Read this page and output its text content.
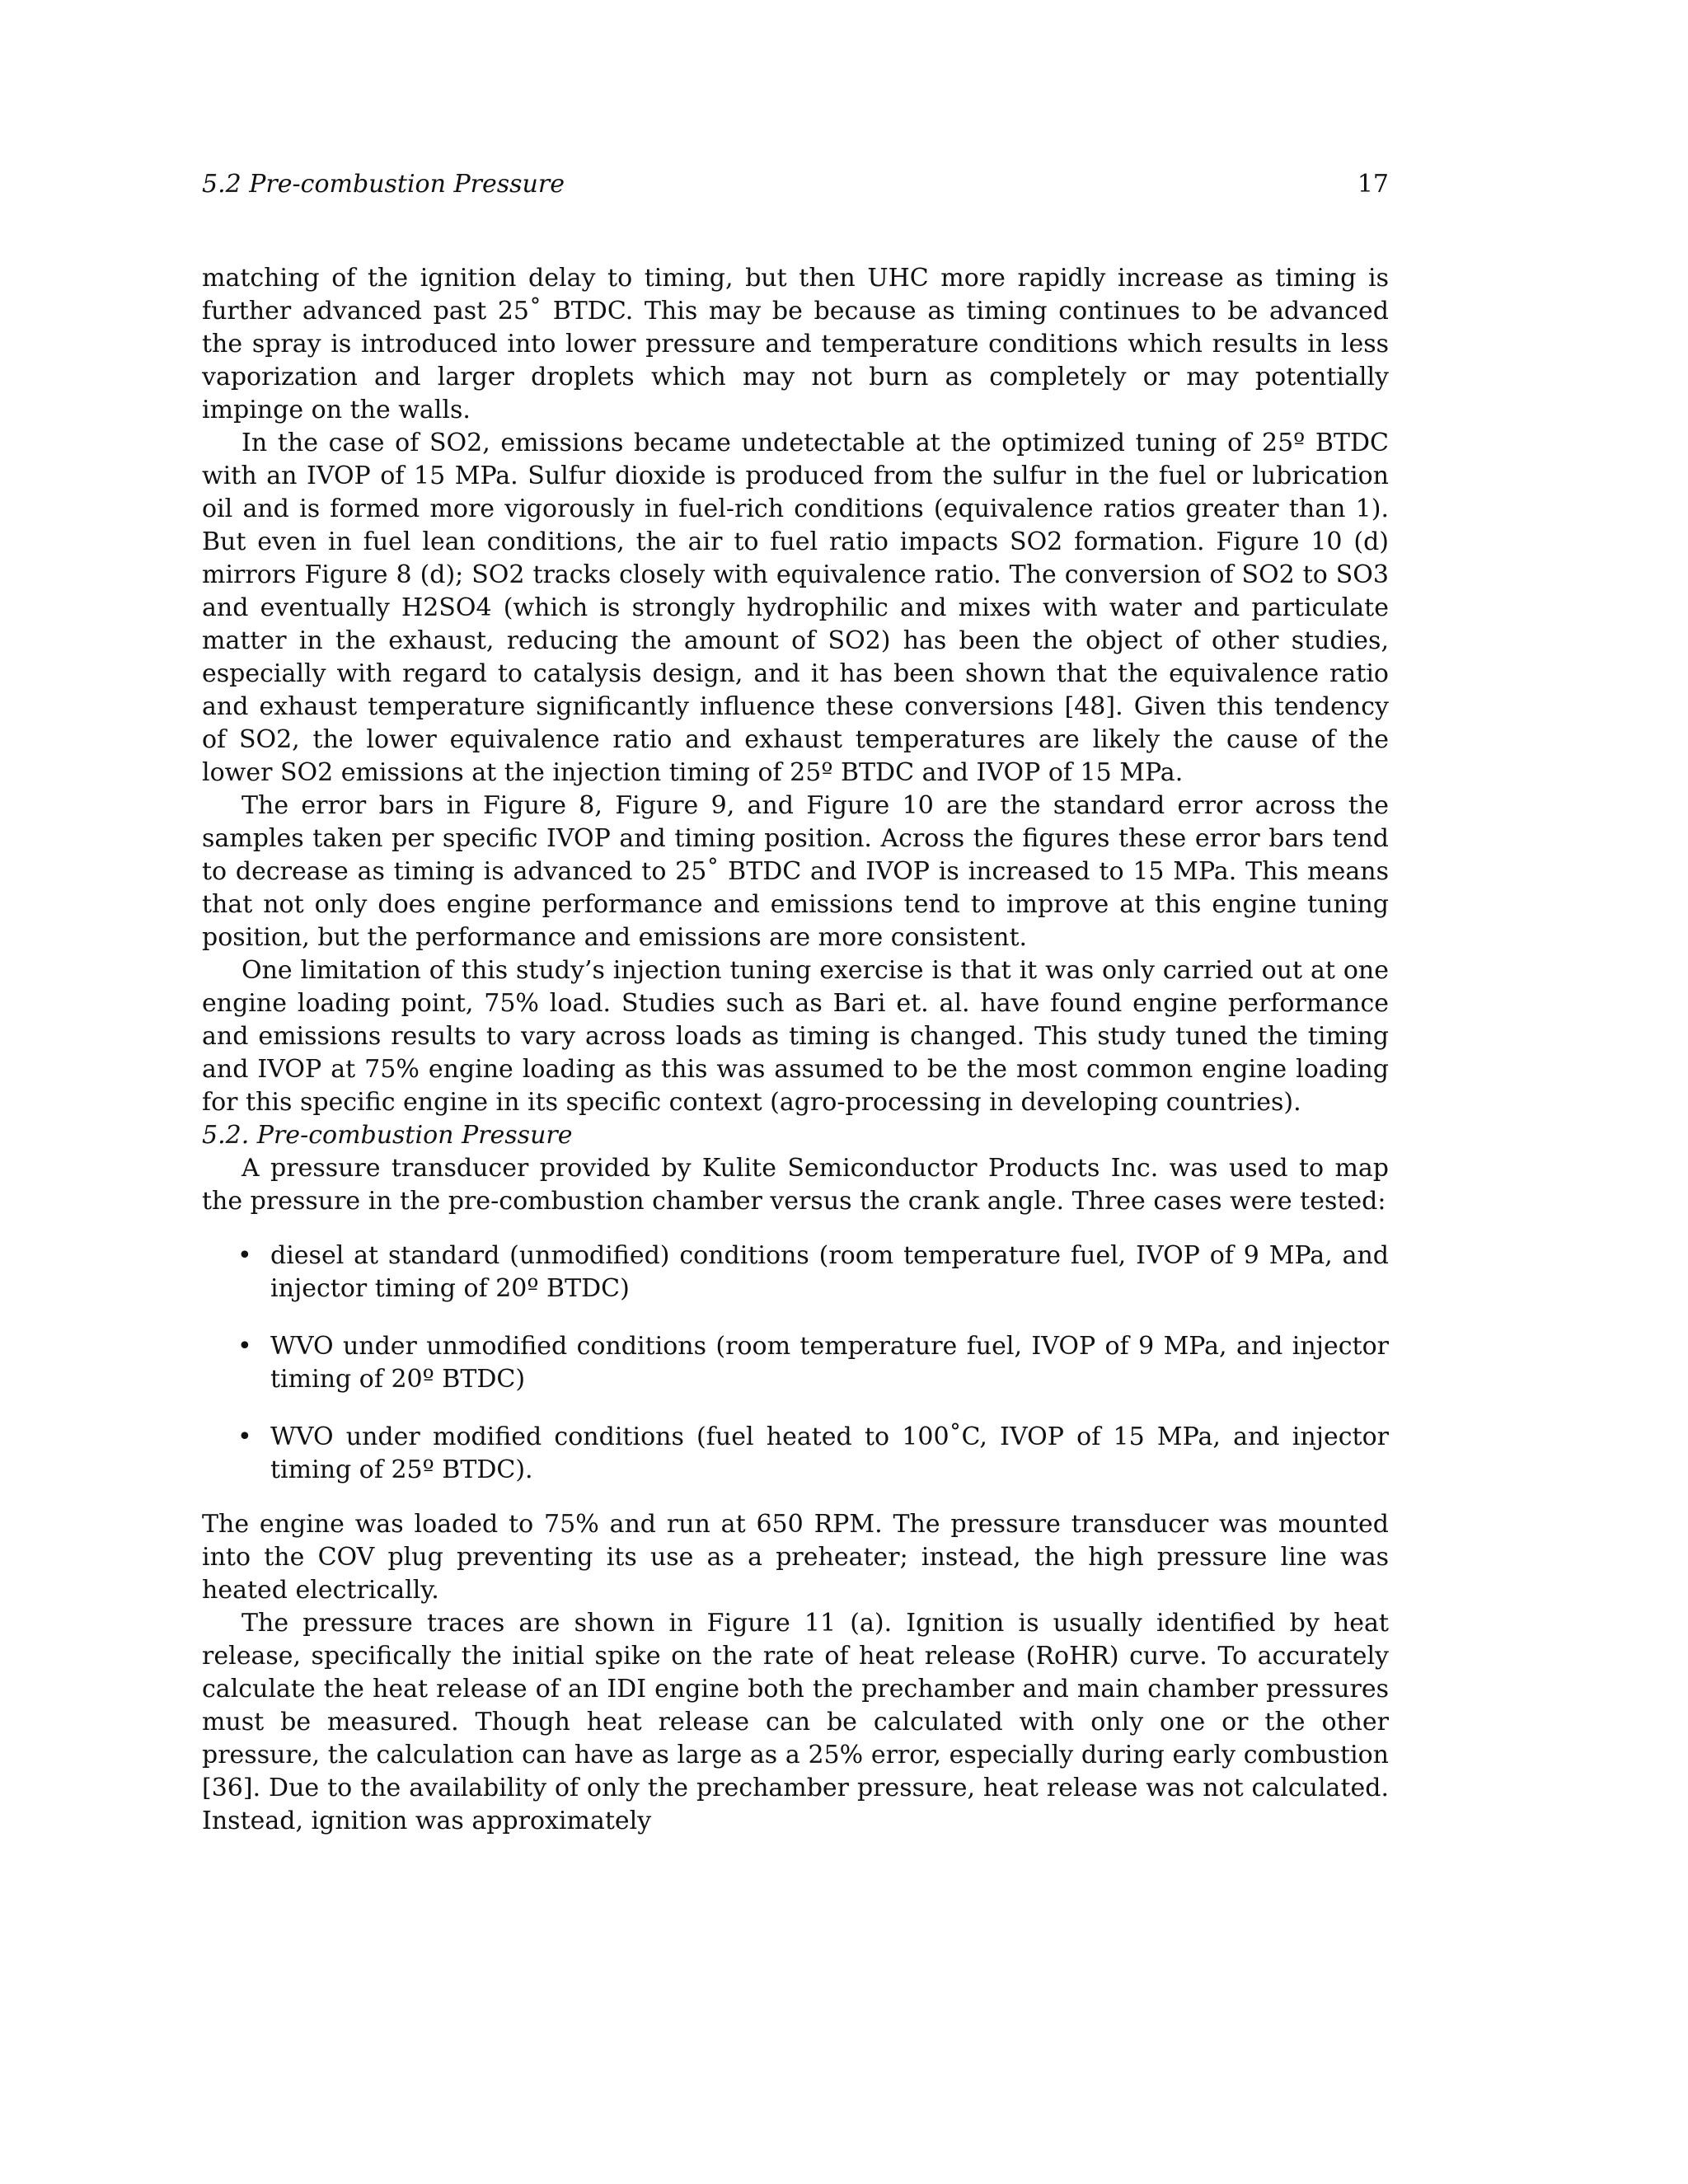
5.2 Pre-combustion Pressure	17

matching of the ignition delay to timing, but then UHC more rapidly increase as timing is further advanced past 25˚ BTDC. This may be because as timing continues to be advanced the spray is introduced into lower pressure and temperature conditions which results in less vaporization and larger droplets which may not burn as completely or may potentially impinge on the walls.

In the case of SO2, emissions became undetectable at the optimized tuning of 25º BTDC with an IVOP of 15 MPa. Sulfur dioxide is produced from the sulfur in the fuel or lubrication oil and is formed more vigorously in fuel-rich conditions (equivalence ratios greater than 1). But even in fuel lean conditions, the air to fuel ratio impacts SO2 formation. Figure 10 (d) mirrors Figure 8 (d); SO2 tracks closely with equivalence ratio. The conversion of SO2 to SO3 and eventually H2SO4 (which is strongly hydrophilic and mixes with water and particulate matter in the exhaust, reducing the amount of SO2) has been the object of other studies, especially with regard to catalysis design, and it has been shown that the equivalence ratio and exhaust temperature significantly influence these conversions [48]. Given this tendency of SO2, the lower equivalence ratio and exhaust temperatures are likely the cause of the lower SO2 emissions at the injection timing of 25º BTDC and IVOP of 15 MPa.

The error bars in Figure 8, Figure 9, and Figure 10 are the standard error across the samples taken per specific IVOP and timing position. Across the figures these error bars tend to decrease as timing is advanced to 25˚ BTDC and IVOP is increased to 15 MPa. This means that not only does engine performance and emissions tend to improve at this engine tuning position, but the performance and emissions are more consistent.

One limitation of this study’s injection tuning exercise is that it was only carried out at one engine loading point, 75% load. Studies such as Bari et. al. have found engine performance and emissions results to vary across loads as timing is changed. This study tuned the timing and IVOP at 75% engine loading as this was assumed to be the most common engine loading for this specific engine in its specific context (agro-processing in developing countries).

5.2. Pre-combustion Pressure

A pressure transducer provided by Kulite Semiconductor Products Inc. was used to map the pressure in the pre-combustion chamber versus the crank angle. Three cases were tested:

• diesel at standard (unmodified) conditions (room temperature fuel, IVOP of 9 MPa, and injector timing of 20º BTDC)
• WVO under unmodified conditions (room temperature fuel, IVOP of 9 MPa, and injector timing of 20º BTDC)
• WVO under modified conditions (fuel heated to 100˚C, IVOP of 15 MPa, and injector timing of 25º BTDC).

The engine was loaded to 75% and run at 650 RPM. The pressure transducer was mounted into the COV plug preventing its use as a preheater; instead, the high pressure line was heated electrically.

The pressure traces are shown in Figure 11 (a). Ignition is usually identified by heat release, specifically the initial spike on the rate of heat release (RoHR) curve. To accurately calculate the heat release of an IDI engine both the prechamber and main chamber pressures must be measured. Though heat release can be calculated with only one or the other pressure, the calculation can have as large as a 25% error, especially during early combustion [36]. Due to the availability of only the prechamber pressure, heat release was not calculated. Instead, ignition was approximately
